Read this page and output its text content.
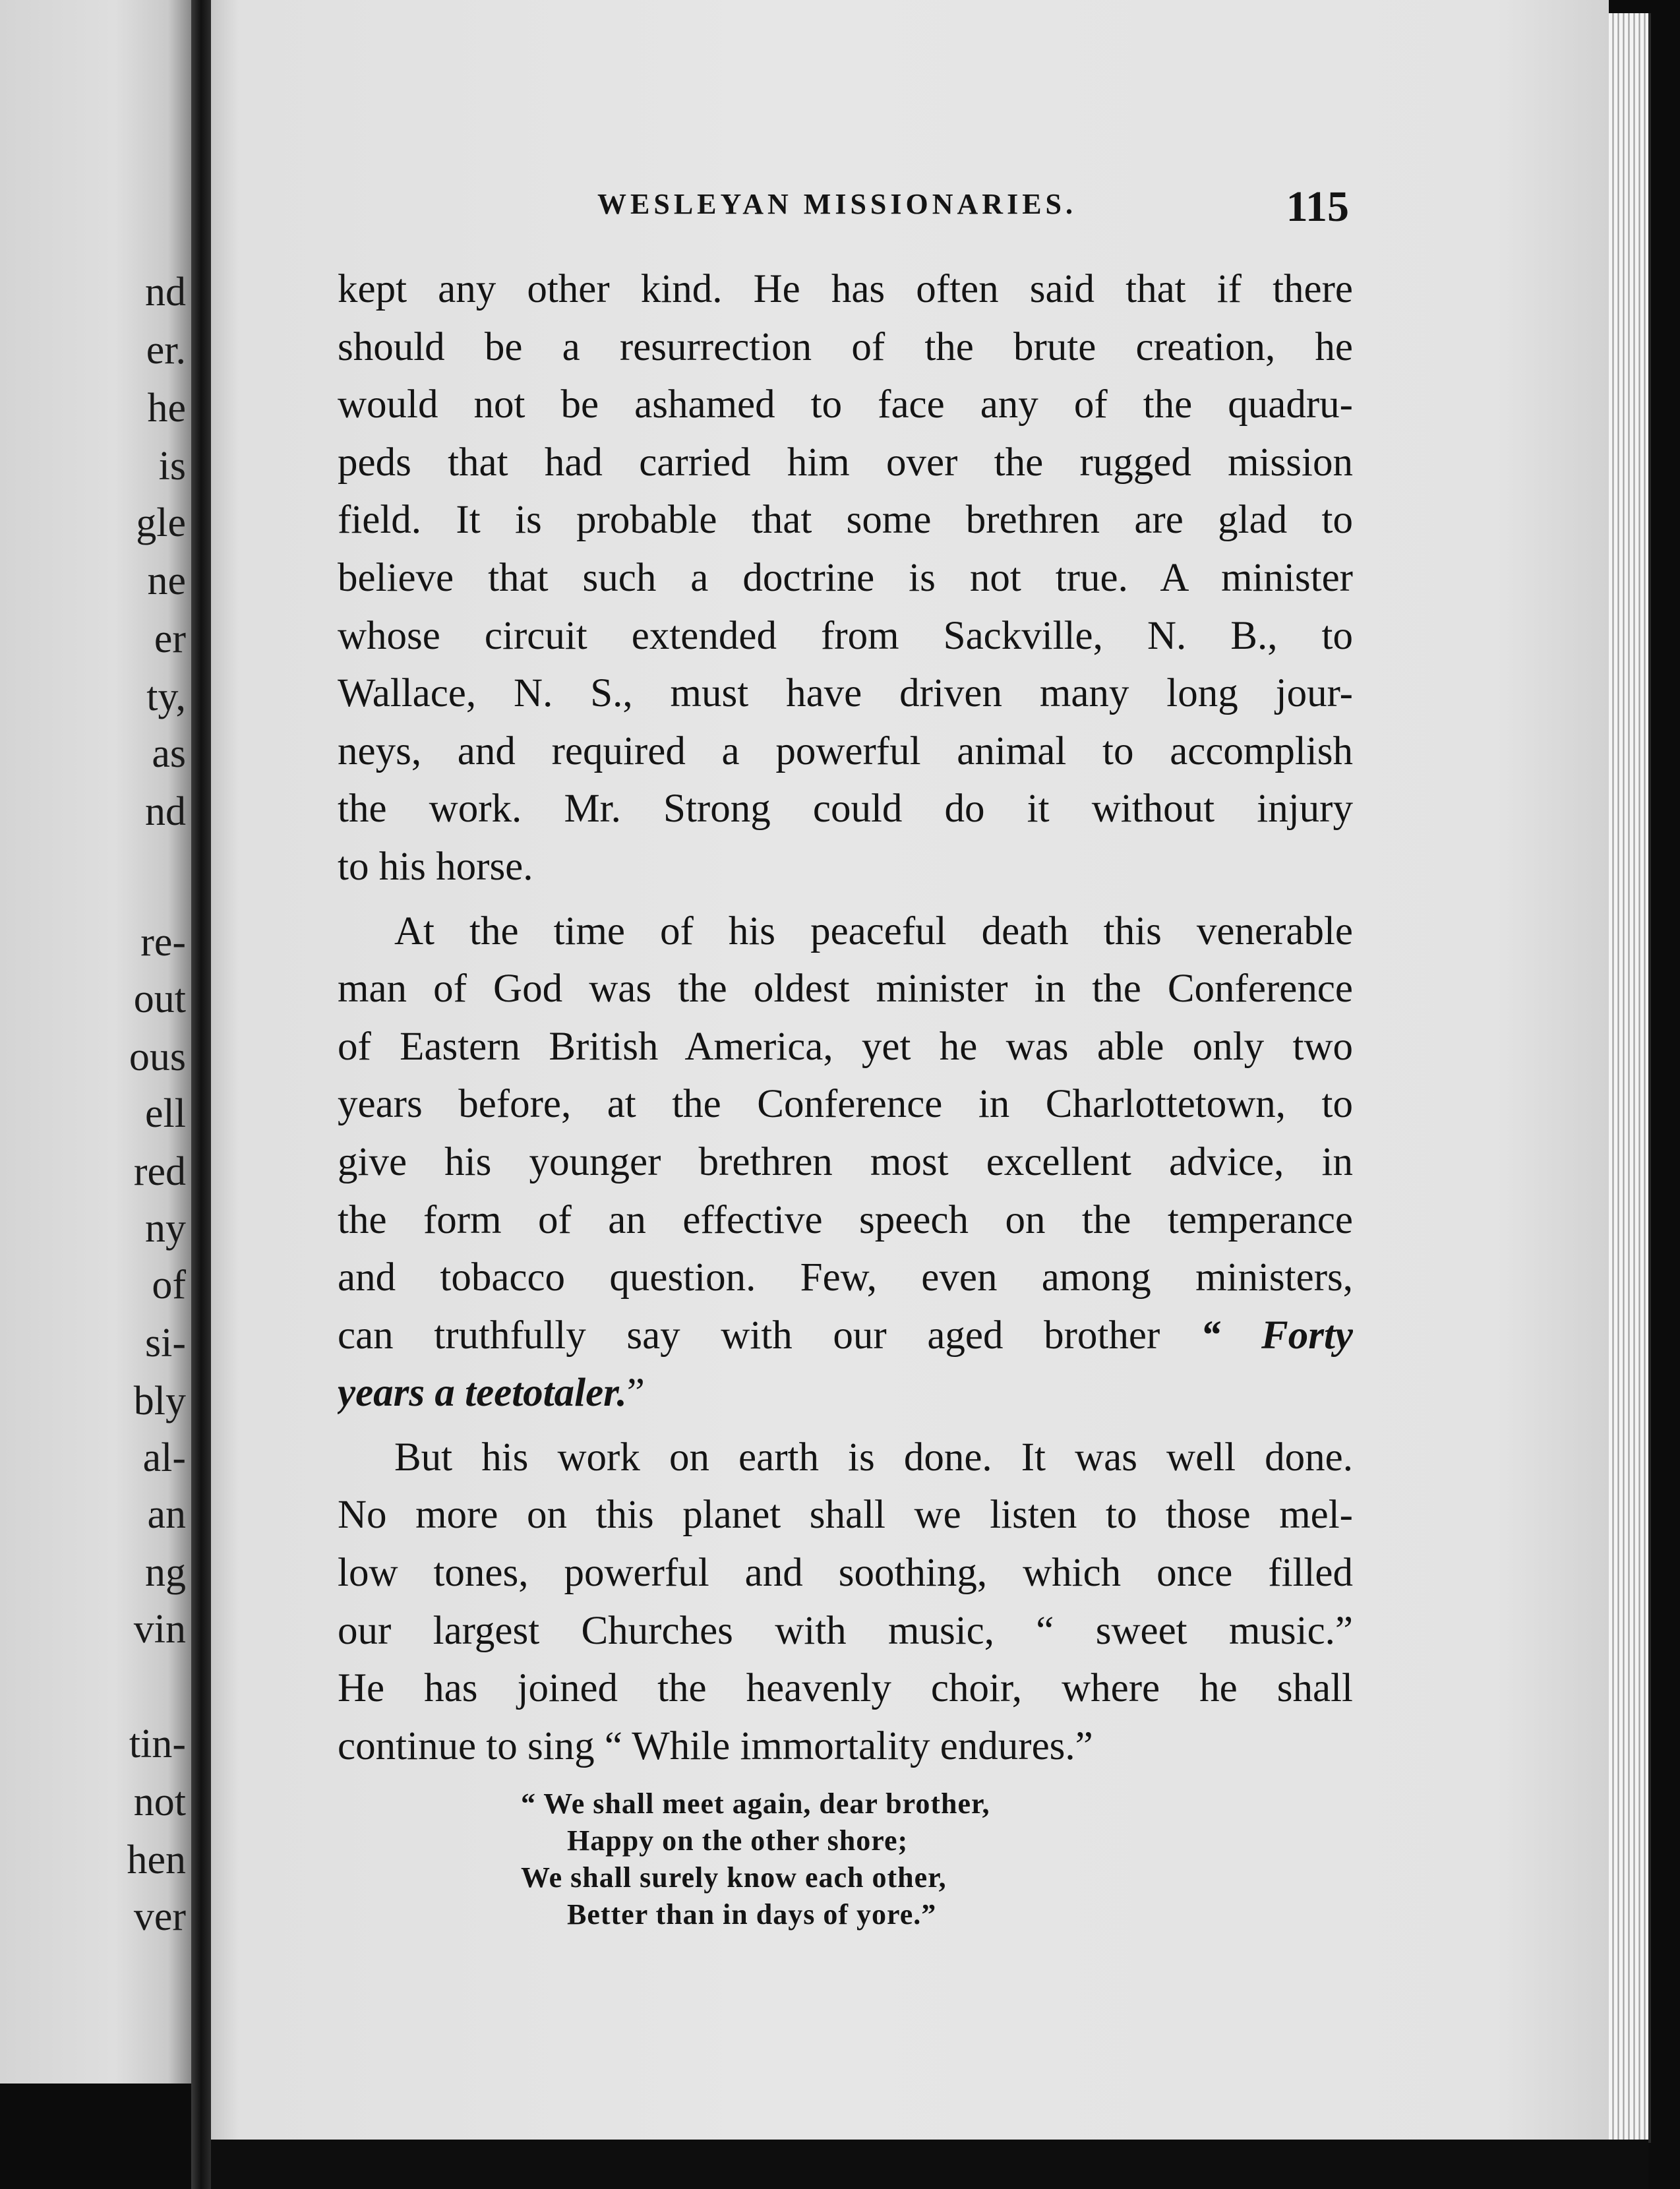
nd
er.
he
is
gle
ne
er
ty,
as
nd
re-
out
ous
ell
red
ny
of
si-
bly
al-
an
ng
vin
tin-
not
hen
ver
WESLEYAN MISSIONARIES.	115
kept any other kind. He has often said that if there
should be a resurrection of the brute creation, he
would not be ashamed to face any of the quadru-
peds that had carried him over the rugged mission
field. It is probable that some brethren are glad to
believe that such a doctrine is not true. A minister
whose circuit extended from Sackville, N. B., to
Wallace, N. S., must have driven many long jour-
neys, and required a powerful animal to accomplish
the work. Mr. Strong could do it without injury
to his horse.
At the time of his peaceful death this venerable
man of God was the oldest minister in the Conference
of Eastern British America, yet he was able only two
years before, at the Conference in Charlottetown, to
give his younger brethren most excellent advice, in
the form of an effective speech on the temperance
and tobacco question. Few, even among ministers,
can truthfully say with our aged brother “ Forty
years a teetotaler.”
But his work on earth is done. It was well done.
No more on this planet shall we listen to those mel-
low tones, powerful and soothing, which once filled
our largest Churches with music, “ sweet music.”
He has joined the heavenly choir, where he shall
continue to sing “ While immortality endures.”
“ We shall meet again, dear brother,
Happy on the other shore;
We shall surely know each other,
Better than in days of yore.”
